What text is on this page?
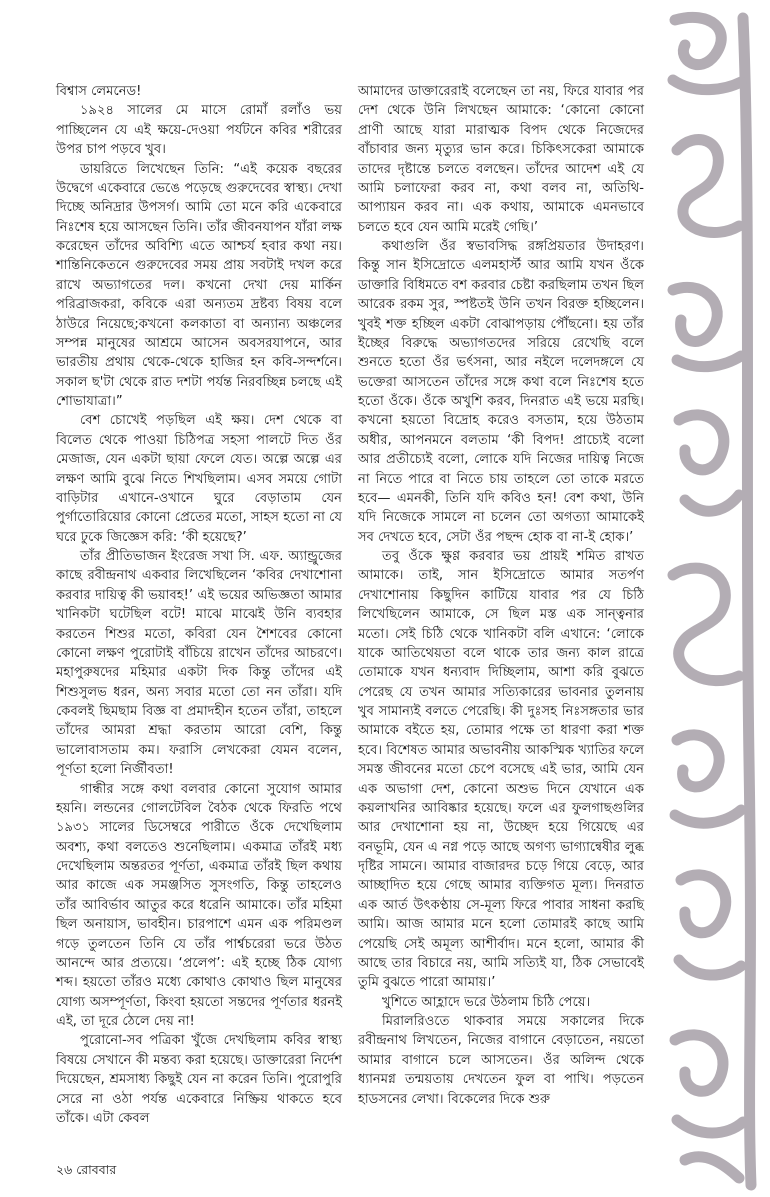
বিশ্বাস লেমনেড!

১৯২৪ সালের মে মাসে রোমাঁ রলাঁও ভয় পাচ্ছিলেন যে এই ক্ষয়ে-দেওয়া পর্যটনে কবির শরীরের উপর চাপ পড়বে খুব।

ডায়রিতে লিখেছেন তিনি: “এই কয়েক বছরের উদ্বেগে একেবারে ভেঙে পড়েছে গুরুদেবের স্বাস্থ্য। দেখা দিচ্ছে অনিদ্রার উপসর্গ। আমি তো মনে করি একেবারে নিঃশেষ হয়ে আসছেন তিনি। তাঁর জীবনযাপন যাঁরা লক্ষ করেছেন তাঁদের অবিশ্যি এতে আশ্চর্য হবার কথা নয়। শান্তিনিকেতনে গুরুদেবের সময় প্রায় সবটাই দখল করে রাখে অভ্যাগতের দল। কখনো দেখা দেয় মার্কিন পরিব্রাজকরা, কবিকে এরা অন্যতম দ্রষ্টব্য বিষয় বলে ঠাউরে নিয়েছে;কখনো কলকাতা বা অন্যান্য অঞ্চলের সম্পন্ন মানুষের আশ্রমে আসেন অবসরযাপনে, আর ভারতীয় প্রথায় থেকে-থেকে হাজির হন কবি-সন্দর্শনে। সকাল ছ'টা থেকে রাত দশটা পর্যন্ত নিরবচ্ছিন্ন চলছে এই শোভাযাত্রা।”

বেশ চোখেই পড়ছিল এই ক্ষয়। দেশ থেকে বা বিলেত থেকে পাওয়া চিঠিপত্র সহসা পালটে দিত ওঁর মেজাজ, যেন একটা ছায়া ফেলে যেত। অল্পে অল্পে এর লক্ষণ আমি বুঝে নিতে শিখছিলাম। এসব সময়ে গোটা বাড়িটার এখানে-ওখানে ঘুরে বেড়াতাম যেন পুর্গাতোরিয়োর কোনো প্রেতের মতো, সাহস হতো না যে ঘরে ঢুকে জিজ্ঞেস করি: ‘কী হয়েছে?’

তাঁর প্রীতিভাজন ইংরেজ সখা সি. এফ. অ্যান্ড্রুজের কাছে রবীন্দ্রনাথ একবার লিখেছিলেন ‘কবির দেখাশোনা করবার দায়িত্ব কী ভয়াবহ!’ এই ভয়ের অভিজ্ঞতা আমার খানিকটা ঘটেছিল বটে! মাঝে মাঝেই উনি ব্যবহার করতেন শিশুর মতো, কবিরা যেন শৈশবের কোনো কোনো লক্ষণ পুরোটাই বাঁচিয়ে রাখেন তাঁদের আচরণে। মহাপুরুষদের মহিমার একটা দিক কিন্তু তাঁদের এই শিশুসুলভ ধরন, অন্য সবার মতো তো নন তাঁরা। যদি কেবলই ছিমছাম বিজ্ঞ বা প্রমাদহীন হতেন তাঁরা, তাহলে তাঁদের আমরা শ্রদ্ধা করতাম আরো বেশি, কিন্তু ভালোবাসতাম কম। ফরাসি লেখকেরা যেমন বলেন, পূর্ণতা হলো নির্জীবতা!

গান্ধীর সঙ্গে কথা বলবার কোনো সুযোগ আমার হয়নি। লন্ডনের গোলটেবিল বৈঠক থেকে ফিরতি পথে ১৯৩১ সালের ডিসেম্বরে পারীতে ওঁকে দেখেছিলাম অবশ্য, কথা বলতেও শুনেছিলাম। একমাত্র তাঁরই মধ্য দেখেছিলাম অন্তরতর পূর্ণতা, একমাত্র তাঁরই ছিল কথায় আর কাজে এক সমঞ্জসিত সুসংগতি, কিন্তু তাহলেও তাঁর আবির্ভাব আতুর করে ধরেনি আমাকে। তাঁর মহিমা ছিল অনায়াস, ভাবহীন। চারপাশে এমন এক পরিমণ্ডল গড়ে তুলতেন তিনি যে তাঁর পার্শ্বচরেরা ভরে উঠত আনন্দে আর প্রত্যয়ে। ‘প্রলেপ’: এই হচ্ছে ঠিক যোগ্য শব্দ। হয়তো তাঁরও মধ্যে কোথাও কোথাও ছিল মানুষের যোগ্য অসম্পূর্ণতা, কিংবা হয়তো সন্তদের পূর্ণতার ধরনই এই, তা দূরে ঠেলে দেয় না!

পুরোনো-সব পত্রিকা খুঁজে দেখছিলাম কবির স্বাস্থ্য বিষয়ে সেখানে কী মন্তব্য করা হয়েছে। ডাক্তারেরা নির্দেশ দিয়েছেন, শ্রমসাধ্য কিছুই যেন না করেন তিনি। পুরোপুরি সেরে না ওঠা পর্যন্ত একেবারে নিষ্ক্রিয় থাকতে হবে তাঁকে। এটা কেবল

আমাদের ডাক্তারেরাই বলেছেন তা নয়, ফিরে যাবার পর দেশ থেকে উনি লিখছেন আমাকে: ‘কোনো কোনো প্রাণী আছে যারা মারাত্মক বিপদ থেকে নিজেদের বাঁচাবার জন্য মৃত্যুর ভান করে। চিকিৎসকেরা আমাকে তাদের দৃষ্টান্তে চলতে বলছেন। তাঁদের আদেশ এই যে আমি চলাফেরা করব না, কথা বলব না, অতিথি-আপ্যায়ন করব না। এক কথায়, আমাকে এমনভাবে চলতে হবে যেন আমি মরেই গেছি।’

কথাগুলি ওঁর স্বভাবসিদ্ধ রঙ্গপ্রিয়তার উদাহরণ। কিন্তু সান ইসিদ্রোতে এলমহার্স্ট আর আমি যখন ওঁকে ডাক্তারি বিধিমতে বশ করবার চেষ্টা করছিলাম তখন ছিল আরেক রকম সুর, স্পষ্টতই উনি তখন বিরক্ত হচ্ছিলেন। খুবই শক্ত হচ্ছিল একটা বোঝাপড়ায় পৌঁছনো। হয় তাঁর ইচ্ছের বিরুদ্ধে অভ্যাগতদের সরিয়ে রেখেছি বলে শুনতে হতো ওঁর ভর্ৎসনা, আর নইলে দলেদঙ্গলে যে ভক্তেরা আসতেন তাঁদের সঙ্গে কথা বলে নিঃশেষ হতে হতো ওঁকে। ওঁকে অখুশি করব, দিনরাত এই ভয়ে মরছি। কখনো হয়তো বিদ্রোহ করেও বসতাম, হয়ে উঠতাম অধীর, আপনমনে বলতাম ‘কী বিপদ! প্রাচ্যেই বলো আর প্রতীচ্যেই বলো, লোকে যদি নিজের দায়িত্ব নিজে না নিতে পারে বা নিতে চায় তাহলে তো তাকে মরতে হবে— এমনকী, তিনি যদি কবিও হন! বেশ কথা, উনি যদি নিজেকে সামলে না চলেন তো অগত্যা আমাকেই সব দেখতে হবে, সেটা ওঁর পছন্দ হোক বা না-ই হোক।’

তবু ওঁকে ক্ষুণ্ণ করবার ভয় প্রায়ই শমিত রাখত আমাকে। তাই, সান ইসিদ্রোতে আমার সতর্পণ দেখাশোনায় কিছুদিন কাটিয়ে যাবার পর যে চিঠি লিখেছিলেন আমাকে, সে ছিল মস্ত এক সান্ত্বনার মতো। সেই চিঠি থেকে খানিকটা বলি এখানে: ‘লোকে যাকে আতিথেয়তা বলে থাকে তার জন্য কাল রাত্রে তোমাকে যখন ধন্যবাদ দিচ্ছিলাম, আশা করি বুঝতে পেরেছ যে তখন আমার সত্যিকারের ভাবনার তুলনায় খুব সামান্যই বলতে পেরেছি। কী দুঃসহ নিঃসঙ্গতার ভার আমাকে বইতে হয়, তোমার পক্ষে তা ধারণা করা শক্ত হবে। বিশেষত আমার অভাবনীয় আকস্মিক খ্যাতির ফলে সমস্ত জীবনের মতো চেপে বসেছে এই ভার, আমি যেন এক অভাগা দেশ, কোনো অশুভ দিনে যেখানে এক কয়লাখনির আবিষ্কার হয়েছে। ফলে এর ফুলগাছগুলির আর দেখাশোনা হয় না, উচ্ছেদ হয়ে গিয়েছে এর বনভূমি, যেন এ নগ্ন পড়ে আছে অগণ্য ভাগ্যান্বেষীর লুব্ধ দৃষ্টির সামনে। আমার বাজারদর চড়ে গিয়ে বেড়ে, আর আচ্ছাদিত হয়ে গেছে আমার ব্যক্তিগত মূল্য। দিনরাত এক আর্ত উৎকণ্ঠায় সে-মূল্য ফিরে পাবার সাধনা করছি আমি। আজ আমার মনে হলো তোমারই কাছে আমি পেয়েছি সেই অমূল্য আশীর্বাদ। মনে হলো, আমার কী আছে তার বিচারে নয়, আমি সত্যিই যা, ঠিক সেভাবেই তুমি বুঝতে পারো আমায়।’

খুশিতে আহ্লাদে ভরে উঠলাম চিঠি পেয়ে।

মিরালরিওতে থাকবার সময়ে সকালের দিকে রবীন্দ্রনাথ লিখতেন, নিজের বাগানে বেড়াতেন, নয়তো আমার বাগানে চলে আসতেন। ওঁর অলিন্দ থেকে ধ্যানমগ্ন তন্ময়তায় দেখতেন ফুল বা পাখি। পড়তেন হাডসনের লেখা। বিকেলের দিকে শুরু

২৬ রোববার
